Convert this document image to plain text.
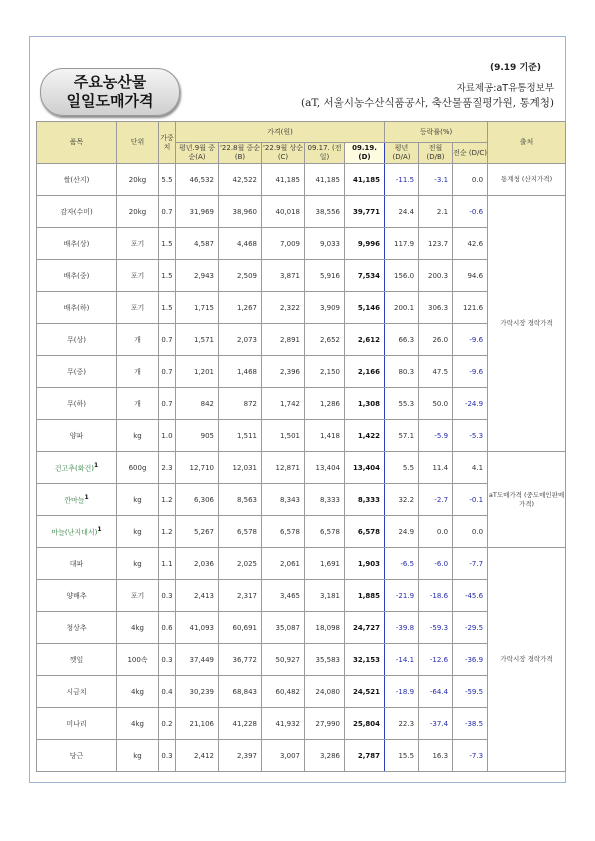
주요농산물
일일도매가격
(9.19 기준)
자료제공:aT유통정보부
(aT, 서울시농수산식품공사, 축산물품질평가원, 통계청)
품목	단위	가중치	가격(원)					등락률(%)			출처
			평년.9월 중순(A)	'22.8월 중순(B)	'22.9월 상순(C)	09.17. (전일)	09.19. (D)	평년 (D/A)	전월 (D/B)	전순 (D/C)	
쌀(산지)	20kg	5.5	46,532	42,522	41,185	41,185	41,185	-11.5	-3.1	0.0	통계청 (산지가격)
감자(수미)	20kg	0.7	31,969	38,960	40,018	38,556	39,771	24.4	2.1	-0.6	가락시장 경락가격
배추(상)	포기	1.5	4,587	4,468	7,009	9,033	9,996	117.9	123.7	42.6	
배추(중)	포기	1.5	2,943	2,509	3,871	5,916	7,534	156.0	200.3	94.6	
배추(하)	포기	1.5	1,715	1,267	2,322	3,909	5,146	200.1	306.3	121.6	
무(상)	개	0.7	1,571	2,073	2,891	2,652	2,612	66.3	26.0	-9.6	
무(중)	개	0.7	1,201	1,468	2,396	2,150	2,166	80.3	47.5	-9.6	
무(하)	개	0.7	842	872	1,742	1,286	1,308	55.3	50.0	-24.9	
양파	kg	1.0	905	1,511	1,501	1,418	1,422	57.1	-5.9	-5.3	
건고추(화건)$^1$	600g	2.3	12,710	12,031	12,871	13,404	13,404	5.5	11.4	4.1	aT도매가격 (중도매인판매가격)
깐마늘$^1$	kg	1.2	6,306	8,563	8,343	8,333	8,333	32.2	-2.7	-0.1	
마늘(난지대서)$^1$	kg	1.2	5,267	6,578	6,578	6,578	6,578	24.9	0.0	0.0	
대파	kg	1.1	2,036	2,025	2,061	1,691	1,903	-6.5	-6.0	-7.7	가락시장 경락가격
양배추	포기	0.3	2,413	2,317	3,465	3,181	1,885	-21.9	-18.6	-45.6	
청상추	4kg	0.6	41,093	60,691	35,087	18,098	24,727	-39.8	-59.3	-29.5	
깻잎	100속	0.3	37,449	36,772	50,927	35,583	32,153	-14.1	-12.6	-36.9	
시금치	4kg	0.4	30,239	68,843	60,482	24,080	24,521	-18.9	-64.4	-59.5	
미나리	4kg	0.2	21,106	41,228	41,932	27,990	25,804	22.3	-37.4	-38.5	
당근	kg	0.3	2,412	2,397	3,007	3,286	2,787	15.5	16.3	-7.3	
